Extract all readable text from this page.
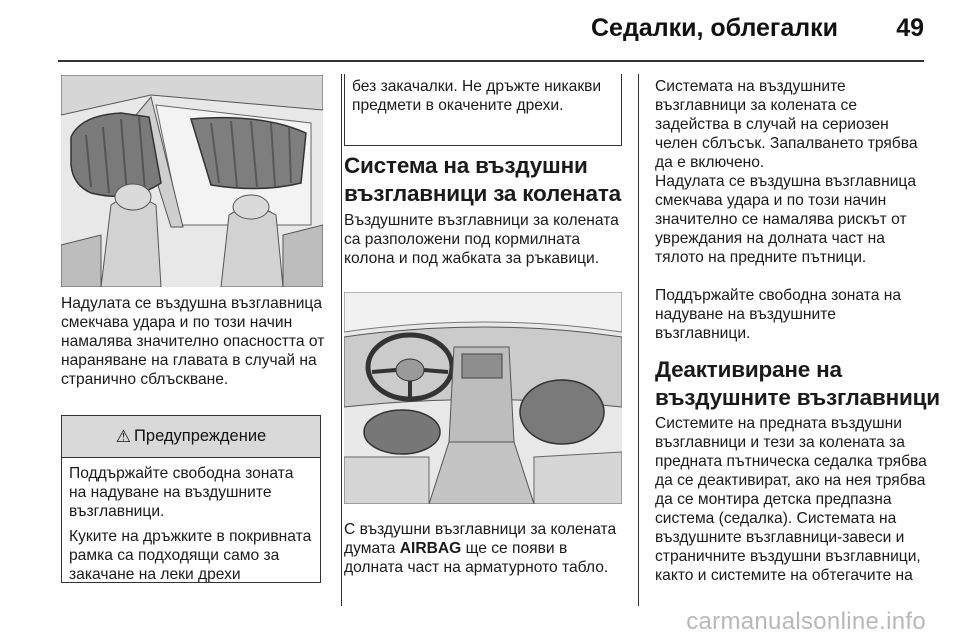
Седалки, облегалки 49

Надулата се въздушна възглавница смекчава удара и по този начин намалява значително опасността от нараняване на главата в случай на странично сблъскване.

⚠ Предупреждение

Поддържайте свободна зоната на надуване на въздушните възглавници.

Куките на дръжките в покривната рамка са подходящи само за закачане на леки дрехи

без закачалки. Не дръжте никакви предмети в окачените дрехи.

Система на въздушни възглавници за колената

Въздушните възглавници за колената са разположени под кормилната колона и под жабката за ръкавици.

С въздушни възглавници за колената думата AIRBAG ще се появи в долната част на арматурното табло.

Системата на въздушните възглавници за колената се задейства в случай на сериозен челен сблъсък. Запалването трябва да е включено.

Надулата се въздушна възглавница смекчава удара и по този начин значително се намалява рискът от увреждания на долната част на тялото на предните пътници.

Поддържайте свободна зоната на надуване на въздушните възглавници.

Деактивиране на въздушните възглавници

Системите на предната въздушни възглавници и тези за колената за предната пътническа седалка трябва да се деактивират, ако на нея трябва да се монтира детска предпазна система (седалка). Системата на въздушните възглавници-завеси и страничните въздушни възглавници, както и системите на обтегачите на

carmanualsonline.info
